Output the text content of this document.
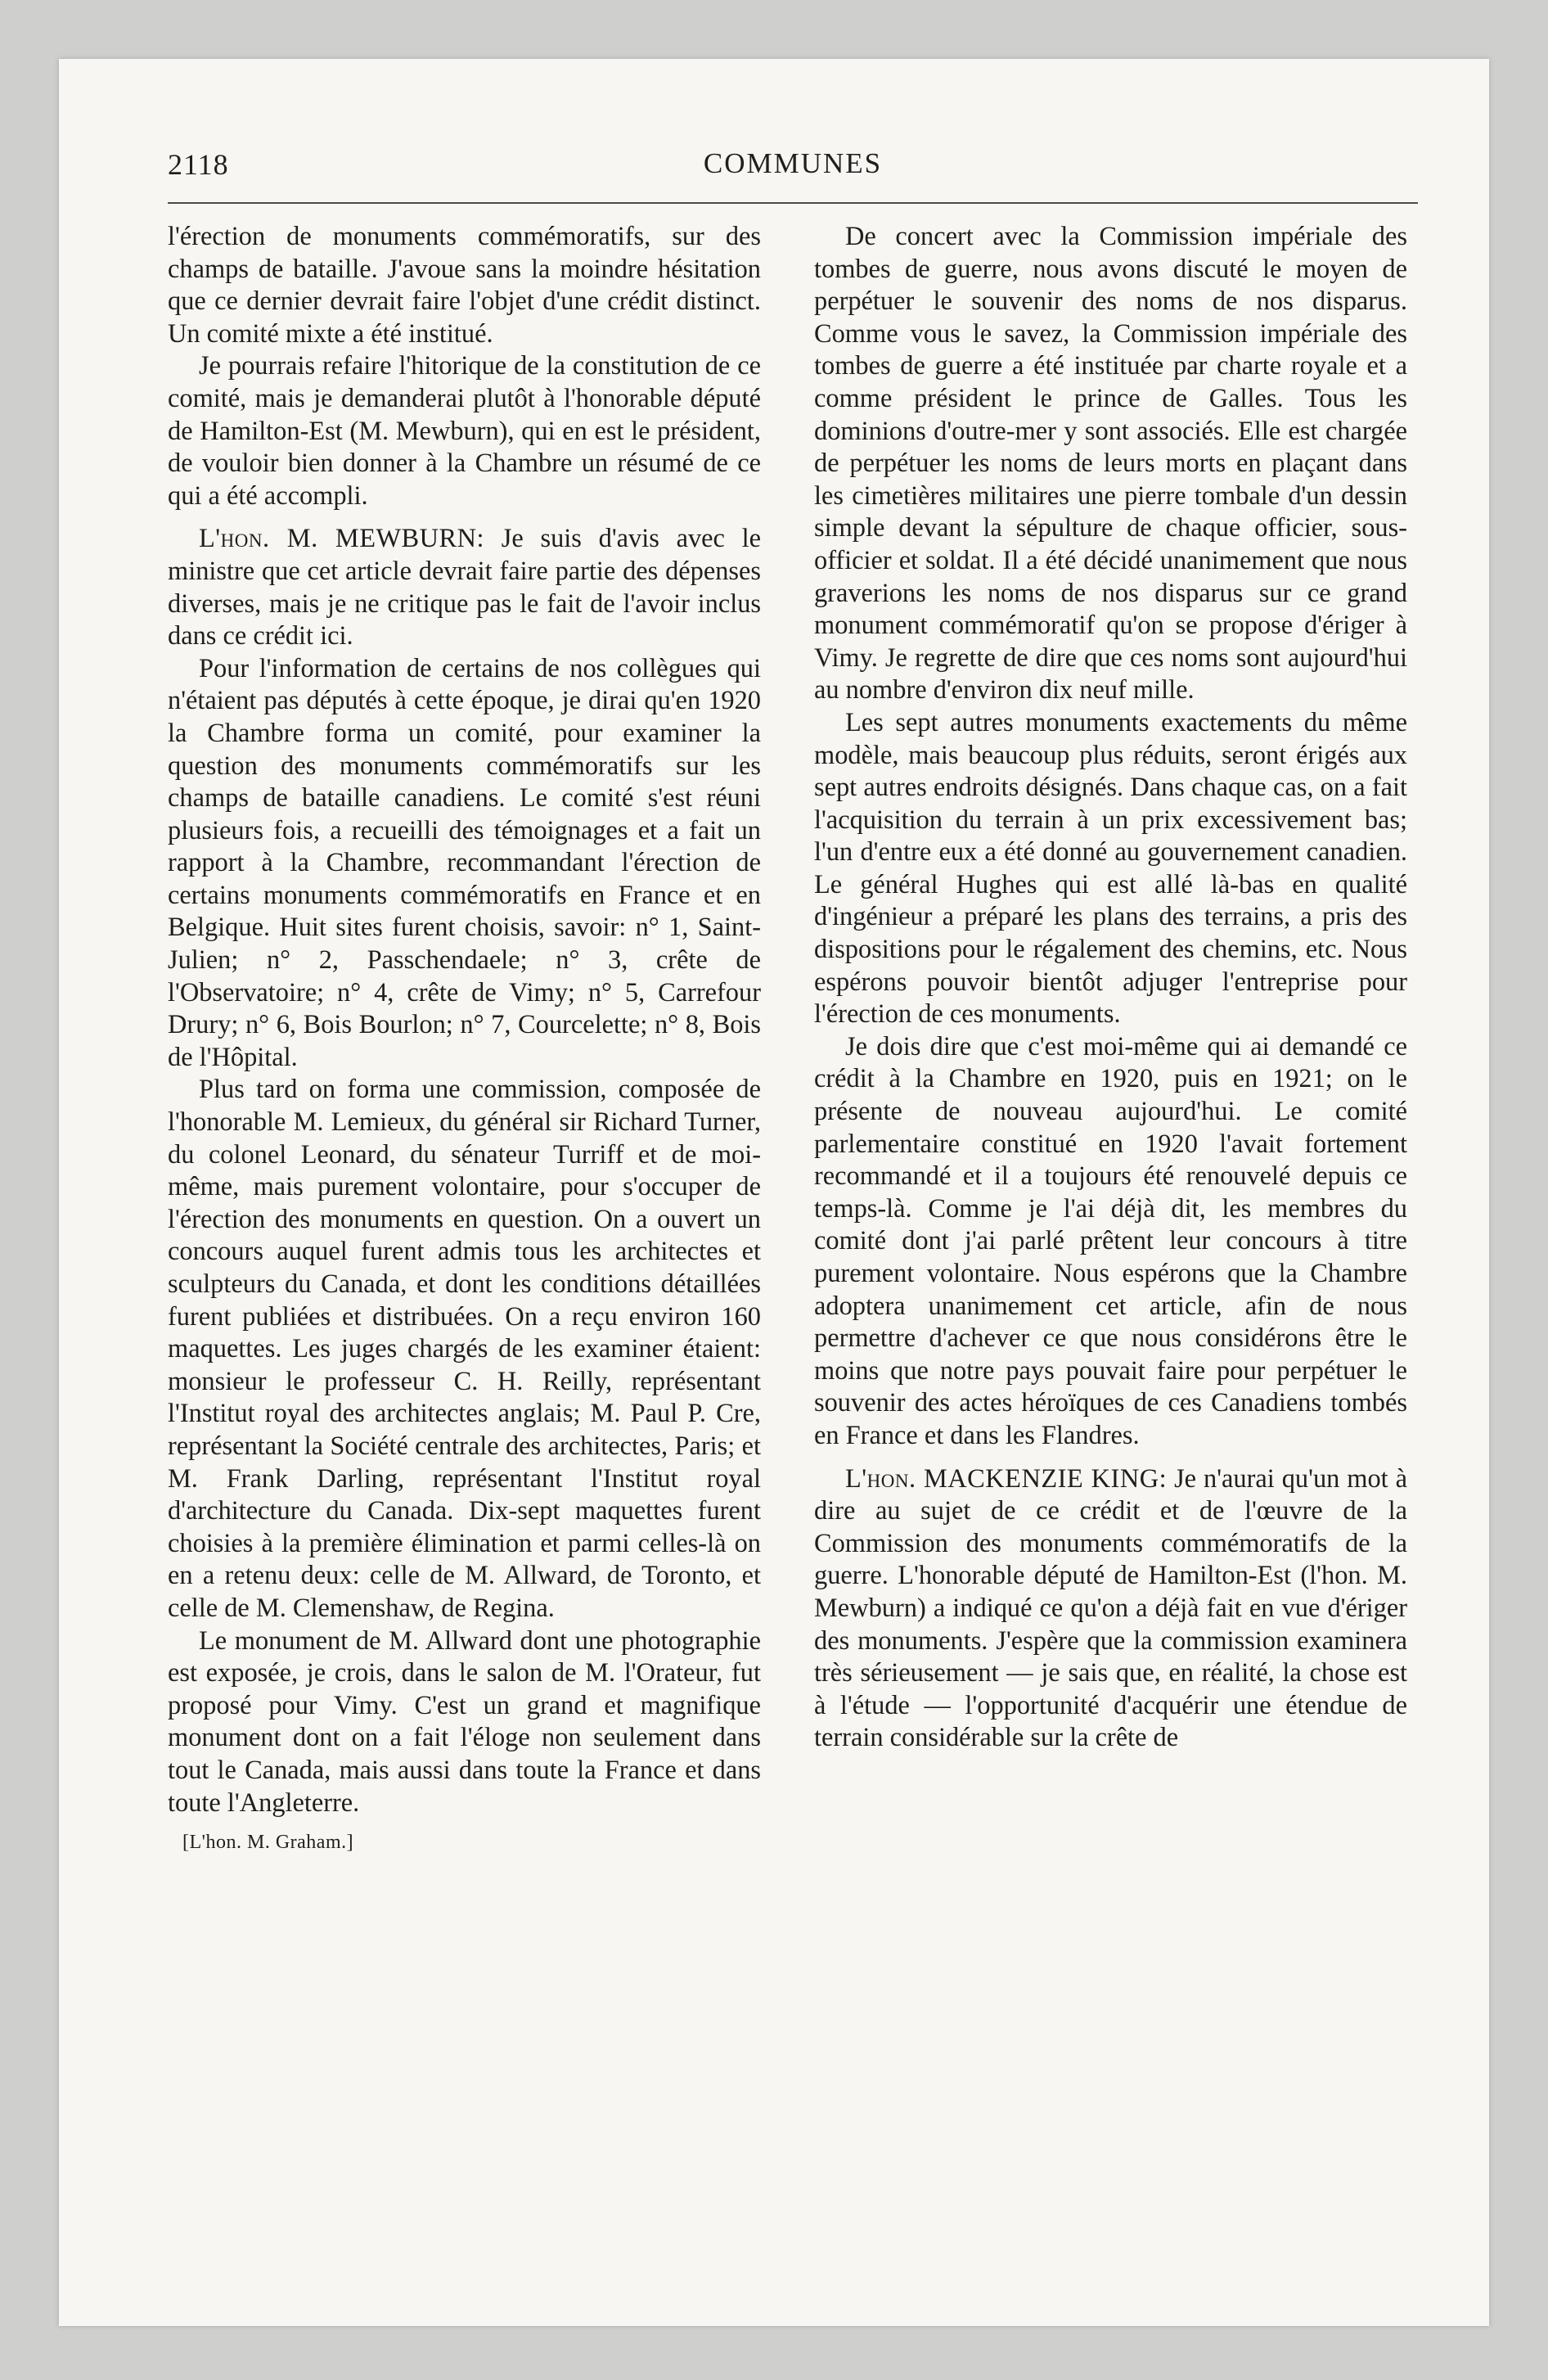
2118	COMMUNES

l'érection de monuments commémoratifs, sur des champs de bataille. J'avoue sans la moindre hésitation que ce dernier devrait faire l'objet d'une crédit distinct. Un comité mixte a été institué.

Je pourrais refaire l'hitorique de la constitution de ce comité, mais je demanderai plutôt à l'honorable député de Hamilton-Est (M. Mewburn), qui en est le président, de vouloir bien donner à la Chambre un résumé de ce qui a été accompli.

L'hon. M. MEWBURN: Je suis d'avis avec le ministre que cet article devrait faire partie des dépenses diverses, mais je ne critique pas le fait de l'avoir inclus dans ce crédit ici.

Pour l'information de certains de nos collègues qui n'étaient pas députés à cette époque, je dirai qu'en 1920 la Chambre forma un comité, pour examiner la question des monuments commémoratifs sur les champs de bataille canadiens. Le comité s'est réuni plusieurs fois, a recueilli des témoignages et a fait un rapport à la Chambre, recommandant l'érection de certains monuments commémoratifs en France et en Belgique. Huit sites furent choisis, savoir: n° 1, Saint-Julien; n° 2, Passchendaele; n° 3, crête de l'Observatoire; n° 4, crête de Vimy; n° 5, Carrefour Drury; n° 6, Bois Bourlon; n° 7, Courcelette; n° 8, Bois de l'Hôpital.

Plus tard on forma une commission, composée de l'honorable M. Lemieux, du général sir Richard Turner, du colonel Leonard, du sénateur Turriff et de moi-même, mais purement volontaire, pour s'occuper de l'érection des monuments en question. On a ouvert un concours auquel furent admis tous les architectes et sculpteurs du Canada, et dont les conditions détaillées furent publiées et distribuées. On a reçu environ 160 maquettes. Les juges chargés de les examiner étaient: monsieur le professeur C. H. Reilly, représentant l'Institut royal des architectes anglais; M. Paul P. Cre, représentant la Société centrale des architectes, Paris; et M. Frank Darling, représentant l'Institut royal d'architecture du Canada. Dix-sept maquettes furent choisies à la première élimination et parmi celles-là on en a retenu deux: celle de M. Allward, de Toronto, et celle de M. Clemenshaw, de Regina.

Le monument de M. Allward dont une photographie est exposée, je crois, dans le salon de M. l'Orateur, fut proposé pour Vimy. C'est un grand et magnifique monument dont on a fait l'éloge non seulement dans tout le Canada, mais aussi dans toute la France et dans toute l'Angleterre.

[L'hon. M. Graham.]

De concert avec la Commission impériale des tombes de guerre, nous avons discuté le moyen de perpétuer le souvenir des noms de nos disparus. Comme vous le savez, la Commission impériale des tombes de guerre a été instituée par charte royale et a comme président le prince de Galles. Tous les dominions d'outre-mer y sont associés. Elle est chargée de perpétuer les noms de leurs morts en plaçant dans les cimetières militaires une pierre tombale d'un dessin simple devant la sépulture de chaque officier, sous-officier et soldat. Il a été décidé unanimement que nous graverions les noms de nos disparus sur ce grand monument commémoratif qu'on se propose d'ériger à Vimy. Je regrette de dire que ces noms sont aujourd'hui au nombre d'environ dix neuf mille.

Les sept autres monuments exactements du même modèle, mais beaucoup plus réduits, seront érigés aux sept autres endroits désignés. Dans chaque cas, on a fait l'acquisition du terrain à un prix excessivement bas; l'un d'entre eux a été donné au gouvernement canadien. Le général Hughes qui est allé là-bas en qualité d'ingénieur a préparé les plans des terrains, a pris des dispositions pour le régalement des chemins, etc. Nous espérons pouvoir bientôt adjuger l'entreprise pour l'érection de ces monuments.

Je dois dire que c'est moi-même qui ai demandé ce crédit à la Chambre en 1920, puis en 1921; on le présente de nouveau aujourd'hui. Le comité parlementaire constitué en 1920 l'avait fortement recommandé et il a toujours été renouvelé depuis ce temps-là. Comme je l'ai déjà dit, les membres du comité dont j'ai parlé prêtent leur concours à titre purement volontaire. Nous espérons que la Chambre adoptera unanimement cet article, afin de nous permettre d'achever ce que nous considérons être le moins que notre pays pouvait faire pour perpétuer le souvenir des actes héroïques de ces Canadiens tombés en France et dans les Flandres.

L'hon. MACKENZIE KING: Je n'aurai qu'un mot à dire au sujet de ce crédit et de l'œuvre de la Commission des monuments commémoratifs de la guerre. L'honorable député de Hamilton-Est (l'hon. M. Mewburn) a indiqué ce qu'on a déjà fait en vue d'ériger des monuments. J'espère que la commission examinera très sérieusement — je sais que, en réalité, la chose est à l'étude — l'opportunité d'acquérir une étendue de terrain considérable sur la crête de
